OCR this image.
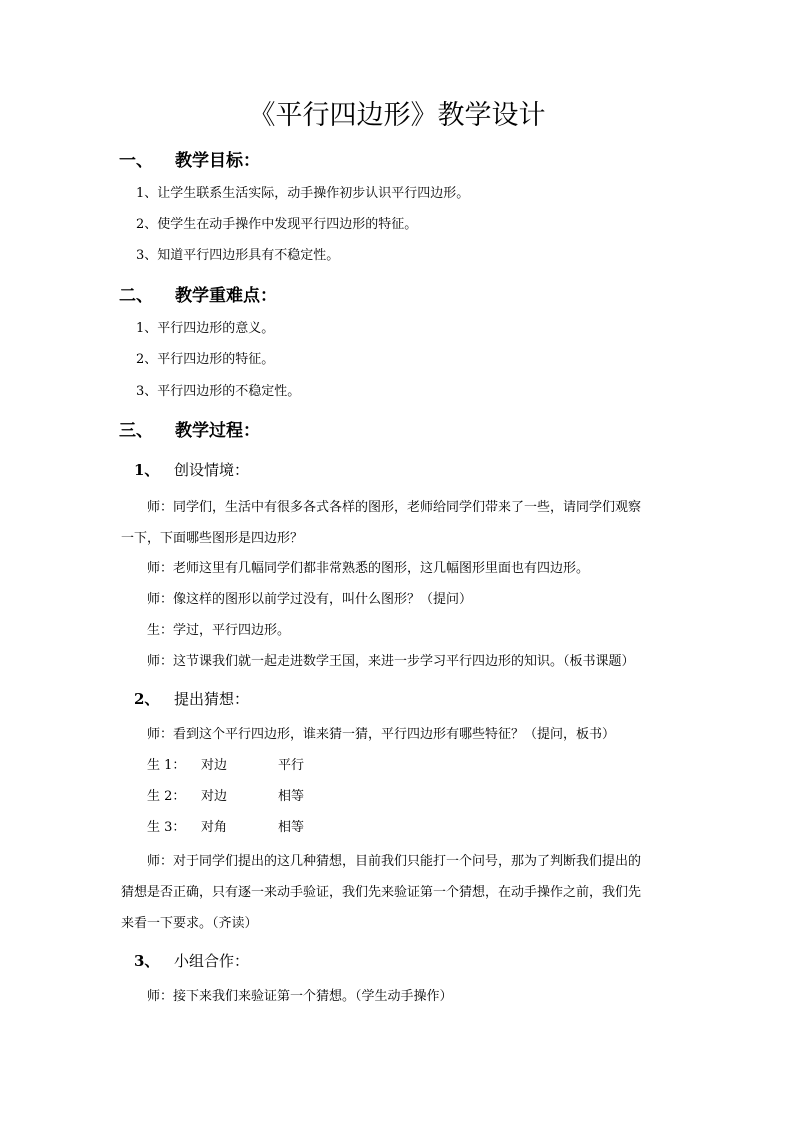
《平行四边形》教学设计
一、 教学目标：
1、让学生联系生活实际，动手操作初步认识平行四边形。
2、使学生在动手操作中发现平行四边形的特征。
3、知道平行四边形具有不稳定性。
二、 教学重难点：
1、平行四边形的意义。
2、平行四边形的特征。
3、平行四边形的不稳定性。
三、 教学过程：
1、 创设情境：
师：同学们，生活中有很多各式各样的图形，老师给同学们带来了一些，请同学们观察一下，下面哪些图形是四边形？
师：老师这里有几幅同学们都非常熟悉的图形，这几幅图形里面也有四边形。
师：像这样的图形以前学过没有，叫什么图形？（提问）
生：学过，平行四边形。
师：这节课我们就一起走进数学王国，来进一步学习平行四边形的知识。（板书课题）
2、 提出猜想：
师：看到这个平行四边形，谁来猜一猜，平行四边形有哪些特征？（提问，板书）
生 1： 对边	平行
生 2： 对边	相等
生 3： 对角	相等
师：对于同学们提出的这几种猜想，目前我们只能打一个问号，那为了判断我们提出的猜想是否正确，只有逐一来动手验证，我们先来验证第一个猜想，在动手操作之前，我们先来看一下要求。（齐读）
3、 小组合作：
师：接下来我们来验证第一个猜想。（学生动手操作）
